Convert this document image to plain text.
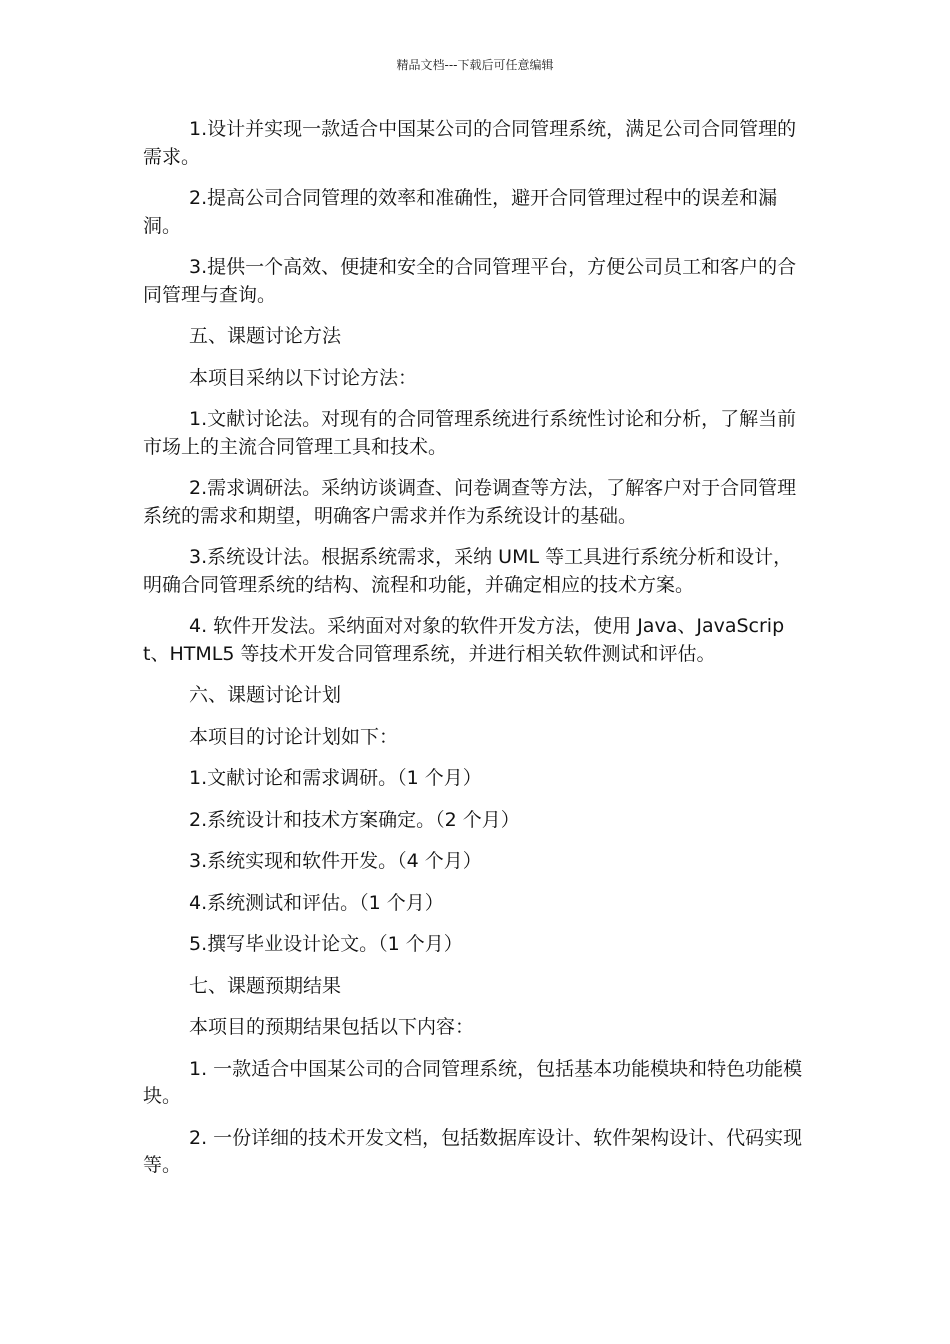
精品文档---下载后可任意编辑

1.设计并实现一款适合中国某公司的合同管理系统，满足公司合同管理的需求。

2.提高公司合同管理的效率和准确性，避开合同管理过程中的误差和漏洞。

3.提供一个高效、便捷和安全的合同管理平台，方便公司员工和客户的合同管理与查询。

五、课题讨论方法

本项目采纳以下讨论方法：

1.文献讨论法。对现有的合同管理系统进行系统性讨论和分析，了解当前市场上的主流合同管理工具和技术。

2.需求调研法。采纳访谈调查、问卷调查等方法，了解客户对于合同管理系统的需求和期望，明确客户需求并作为系统设计的基础。

3.系统设计法。根据系统需求，采纳 UML 等工具进行系统分析和设计，明确合同管理系统的结构、流程和功能，并确定相应的技术方案。

4. 软件开发法。采纳面对对象的软件开发方法，使用 Java、JavaScript、HTML5 等技术开发合同管理系统，并进行相关软件测试和评估。

六、课题讨论计划

本项目的讨论计划如下：

1.文献讨论和需求调研。（1 个月）

2.系统设计和技术方案确定。（2 个月）

3.系统实现和软件开发。（4 个月）

4.系统测试和评估。（1 个月）

5.撰写毕业设计论文。（1 个月）

七、课题预期结果

本项目的预期结果包括以下内容：

1. 一款适合中国某公司的合同管理系统，包括基本功能模块和特色功能模块。

2. 一份详细的技术开发文档，包括数据库设计、软件架构设计、代码实现等。
